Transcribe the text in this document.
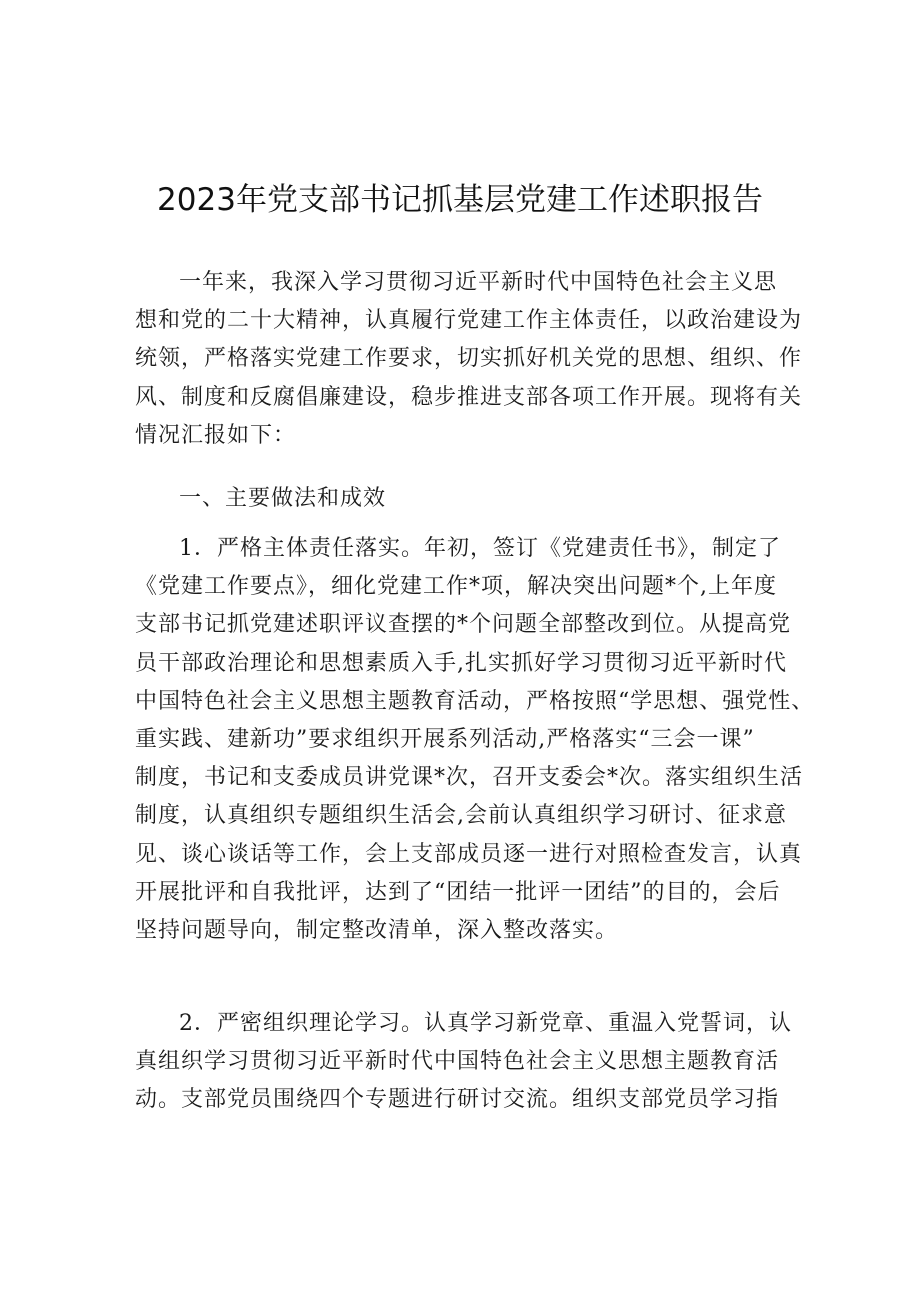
2023年党支部书记抓基层党建工作述职报告
一年来，我深入学习贯彻习近平新时代中国特色社会主义思
想和党的二十大精神，认真履行党建工作主体责任，以政治建设为
统领，严格落实党建工作要求，切实抓好机关党的思想、组织、作
风、制度和反腐倡廉建设，稳步推进支部各项工作开展。现将有关
情况汇报如下：
一、主要做法和成效
1．严格主体责任落实。年初，签订《党建责任书》，制定了
《党建工作要点》，细化党建工作*项，解决突出问题*个,上年度
支部书记抓党建述职评议查摆的*个问题全部整改到位。从提高党
员干部政治理论和思想素质入手,扎实抓好学习贯彻习近平新时代
中国特色社会主义思想主题教育活动，严格按照“学思想、强党性、
重实践、建新功”要求组织开展系列活动,严格落实“三会一课”
制度，书记和支委成员讲党课*次，召开支委会*次。落实组织生活
制度，认真组织专题组织生活会,会前认真组织学习研讨、征求意
见、谈心谈话等工作，会上支部成员逐一进行对照检查发言，认真
开展批评和自我批评，达到了“团结一批评一团结”的目的，会后
坚持问题导向，制定整改清单，深入整改落实。
2．严密组织理论学习。认真学习新党章、重温入党誓词，认
真组织学习贯彻习近平新时代中国特色社会主义思想主题教育活
动。支部党员围绕四个专题进行研讨交流。组织支部党员学习指
